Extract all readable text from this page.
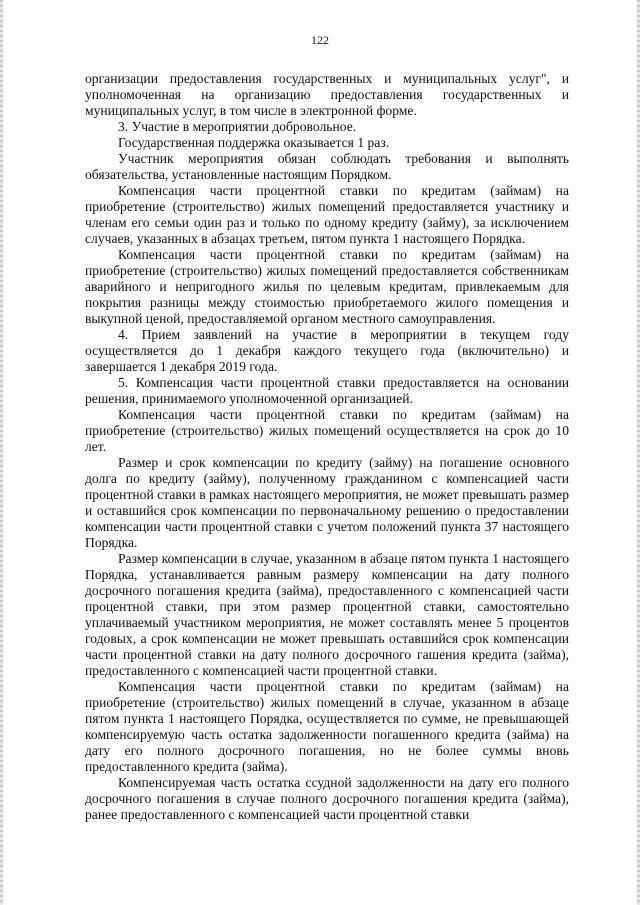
122

организации предоставления государственных и муниципальных услуг", и уполномоченная на организацию предоставления государственных и муниципальных услуг, в том числе в электронной форме.

3. Участие в мероприятии добровольное.

Государственная поддержка оказывается 1 раз.

Участник мероприятия обязан соблюдать требования и выполнять обязательства, установленные настоящим Порядком.

Компенсация части процентной ставки по кредитам (займам) на приобретение (строительство) жилых помещений предоставляется участнику и членам его семьи один раз и только по одному кредиту (займу), за исключением случаев, указанных в абзацах третьем, пятом пункта 1 настоящего Порядка.

Компенсация части процентной ставки по кредитам (займам) на приобретение (строительство) жилых помещений предоставляется собственникам аварийного и непригодного жилья по целевым кредитам, привлекаемым для покрытия разницы между стоимостью приобретаемого жилого помещения и выкупной ценой, предоставляемой органом местного самоуправления.

4. Прием заявлений на участие в мероприятии в текущем году осуществляется до 1 декабря каждого текущего года (включительно) и завершается 1 декабря 2019 года.

5. Компенсация части процентной ставки предоставляется на основании решения, принимаемого уполномоченной организацией.

Компенсация части процентной ставки по кредитам (займам) на приобретение (строительство) жилых помещений осуществляется на срок до 10 лет.

Размер и срок компенсации по кредиту (займу) на погашение основного долга по кредиту (займу), полученному гражданином с компенсацией части процентной ставки в рамках настоящего мероприятия, не может превышать размер и оставшийся срок компенсации по первоначальному решению о предоставлении компенсации части процентной ставки с учетом положений пункта 37 настоящего Порядка.

Размер компенсации в случае, указанном в абзаце пятом пункта 1 настоящего Порядка, устанавливается равным размеру компенсации на дату полного досрочного погашения кредита (займа), предоставленного с компенсацией части процентной ставки, при этом размер процентной ставки, самостоятельно уплачиваемый участником мероприятия, не может составлять менее 5 процентов годовых, а срок компенсации не может превышать оставшийся срок компенсации части процентной ставки на дату полного досрочного гашения кредита (займа), предоставленного с компенсацией части процентной ставки.

Компенсация части процентной ставки по кредитам (займам) на приобретение (строительство) жилых помещений в случае, указанном в абзаце пятом пункта 1 настоящего Порядка, осуществляется по сумме, не превышающей компенсируемую часть остатка задолженности погашенного кредита (займа) на дату его полного досрочного погашения, но не более суммы вновь предоставленного кредита (займа).

Компенсируемая часть остатка ссудной задолженности на дату его полного досрочного погашения в случае полного досрочного погашения кредита (займа), ранее предоставленного с компенсацией части процентной ставки
